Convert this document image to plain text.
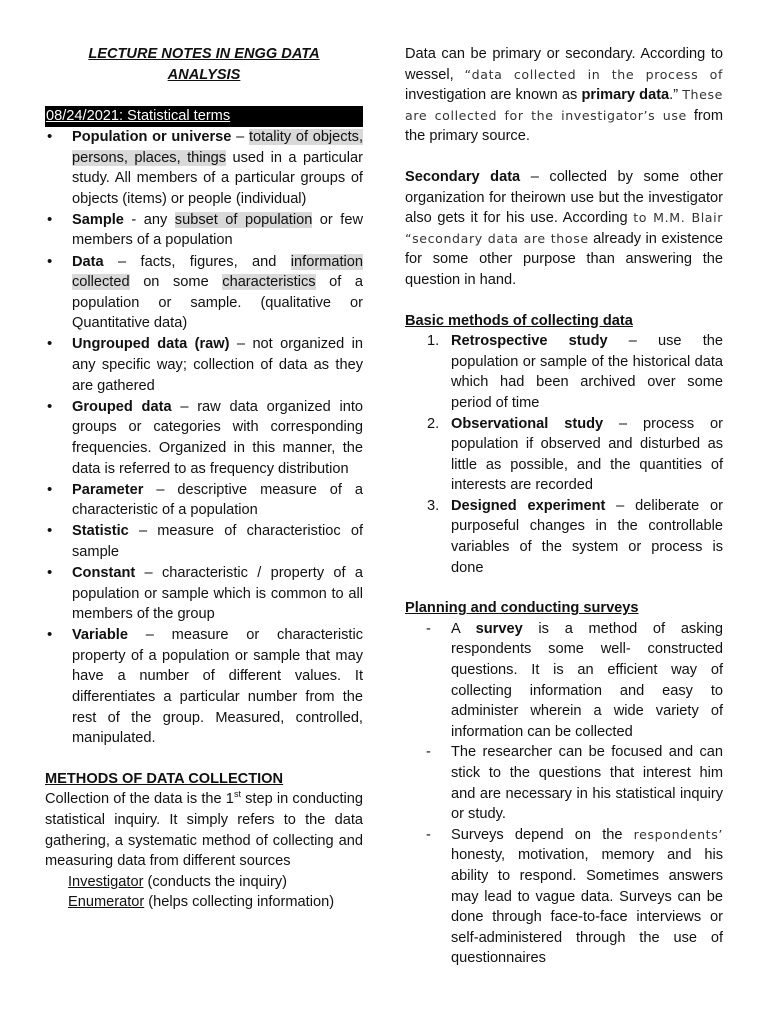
LECTURE NOTES IN ENGG DATA

ANALYSIS

08/24/2021: Statistical terms
• Population or universe – totality of objects, persons, places, things used in a particular study. All members of a particular groups of objects (items) or people (individual)
• Sample - any subset of population or few members of a population
• Data – facts, figures, and information collected on some characteristics of a population or sample. (qualitative or Quantitative data)
• Ungrouped data (raw) – not organized in any specific way; collection of data as they are gathered
• Grouped data – raw data organized into groups or categories with corresponding frequencies. Organized in this manner, the data is referred to as frequency distribution
• Parameter – descriptive measure of a characteristic of a population
• Statistic – measure of characteristioc of sample
• Constant – characteristic / property of a population or sample which is common to all members of the group
• Variable – measure or characteristic property of a population or sample that may have a number of different values. It differentiates a particular number from the rest of the group. Measured, controlled, manipulated.

METHODS OF DATA COLLECTION

Collection of the data is the 1st step in conducting statistical inquiry. It simply refers to the data gathering, a systematic method of collecting and measuring data from different sources

Investigator (conducts the inquiry)

Enumerator (helps collecting information)

Data can be primary or secondary. According to wessel, “data collected in the process of investigation are known as primary data.” These are collected for the investigator’s use from the primary source.

Secondary data – collected by some other organization for theirown use but the investigator also gets it for his use. According to M.M. Blair “secondary data are those already in existence for some other purpose than answering the question in hand.

Basic methods of collecting data

1. Retrospective study – use the population or sample of the historical data which had been archived over some period of time
2. Observational study – process or population if observed and disturbed as little as possible, and the quantities of interests are recorded
3. Designed experiment – deliberate or purposeful changes in the controllable variables of the system or process is done

Planning and conducting surveys

- A survey is a method of asking respondents some well- constructed questions. It is an efficient way of collecting information and easy to administer wherein a wide variety of information can be collected
- The researcher can be focused and can stick to the questions that interest him and are necessary in his statistical inquiry or study.
- Surveys depend on the respondents’ honesty, motivation, memory and his ability to respond. Sometimes answers may lead to vague data. Surveys can be done through face-to-face interviews or self-administered through the use of questionnaires
